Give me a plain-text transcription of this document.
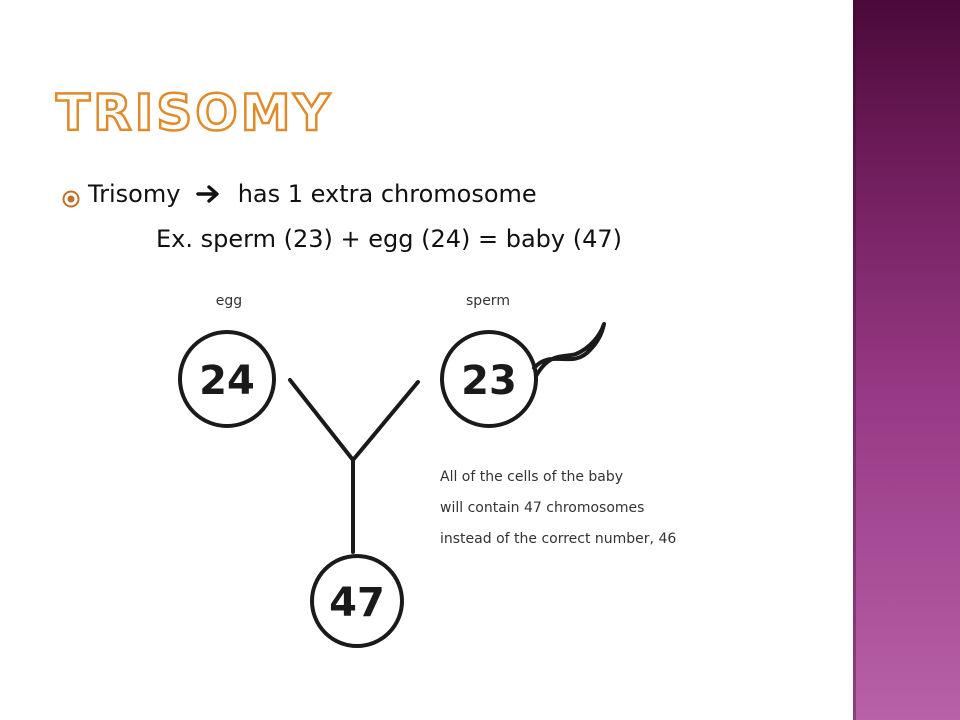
TRISOMY
Trisomy has 1 extra chromosome
Ex. sperm (23) + egg (24) = baby (47)
egg
24
sperm
23
47
All of the cells of the baby
will contain 47 chromosomes
instead of the correct number, 46
